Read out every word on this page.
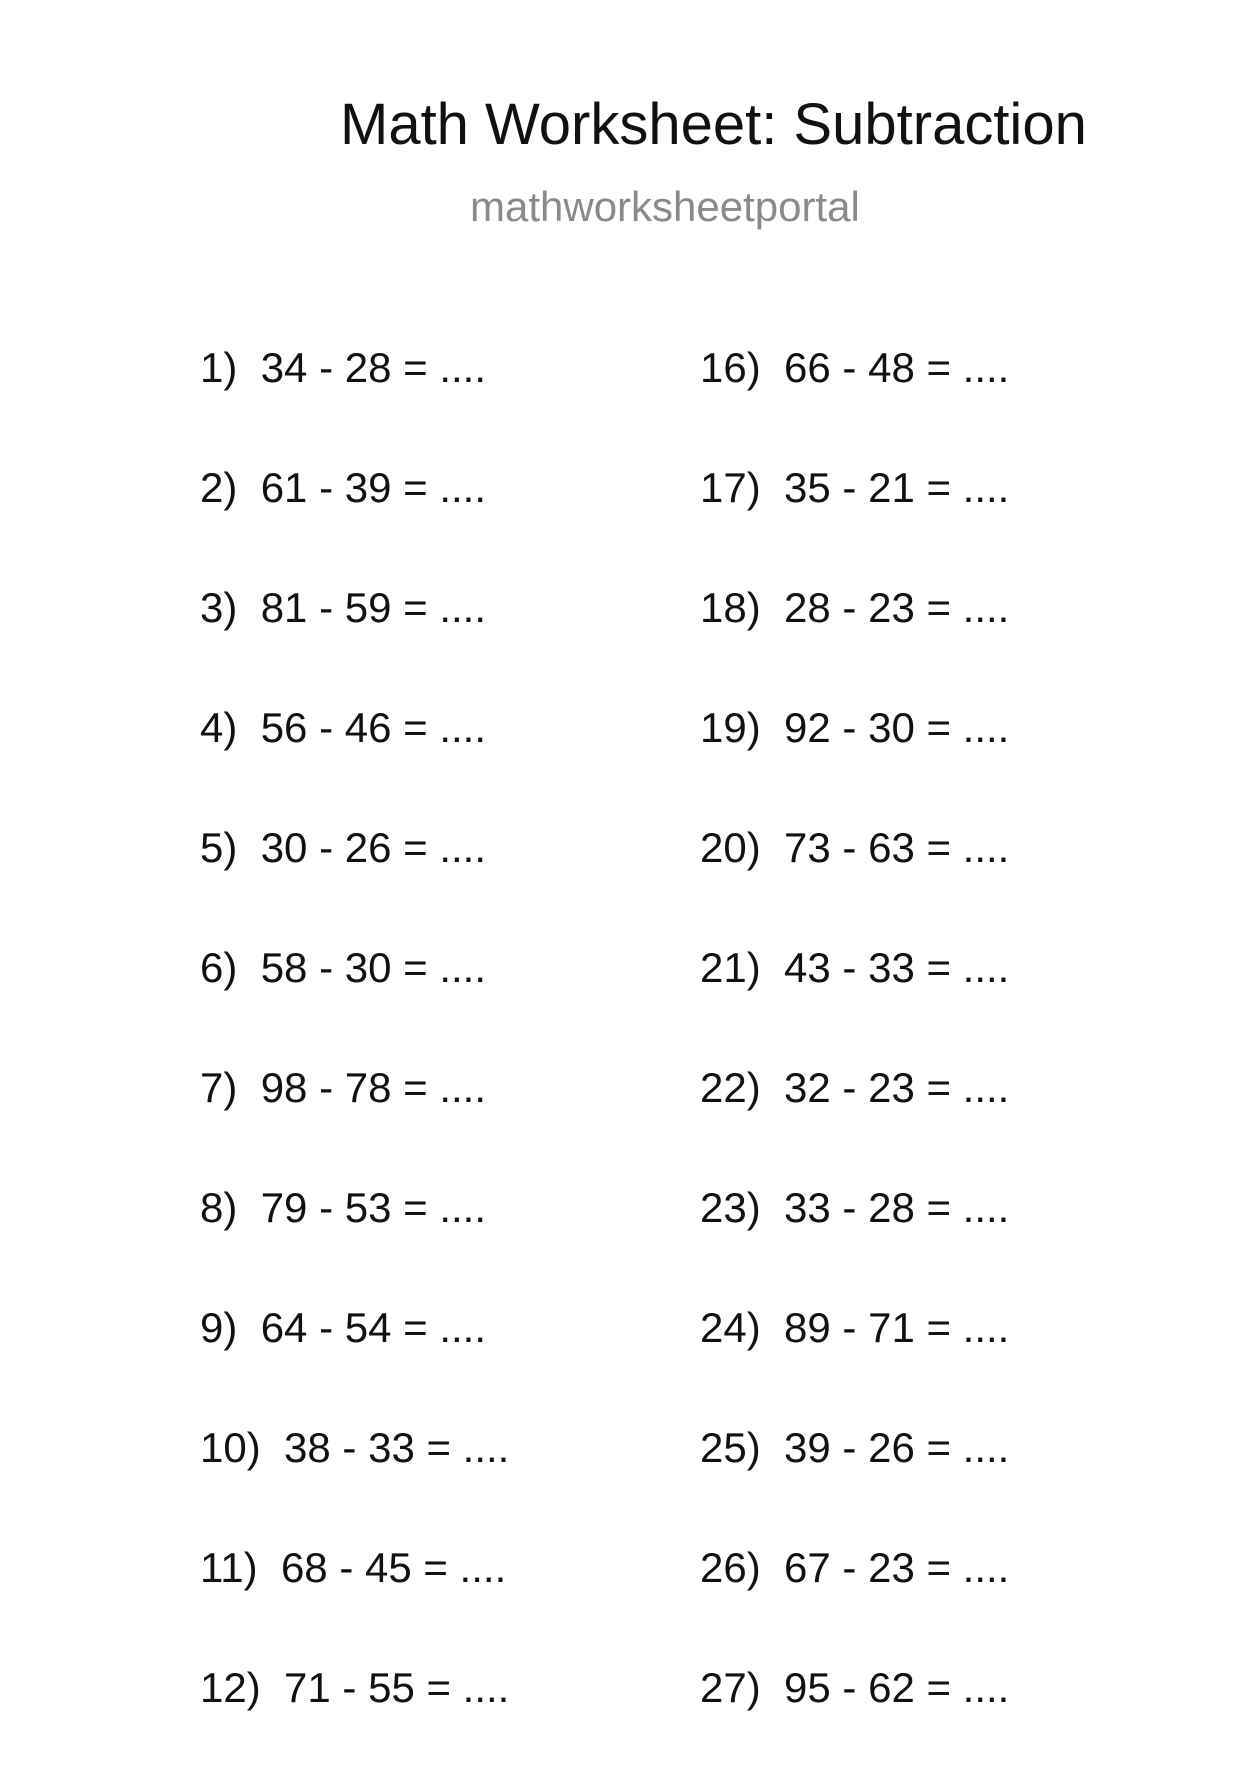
Math Worksheet: Subtraction
mathworksheetportal
1) 34 - 28 = ....
2) 61 - 39 = ....
3) 81 - 59 = ....
4) 56 - 46 = ....
5) 30 - 26 = ....
6) 58 - 30 = ....
7) 98 - 78 = ....
8) 79 - 53 = ....
9) 64 - 54 = ....
10) 38 - 33 = ....
11) 68 - 45 = ....
12) 71 - 55 = ....
16) 66 - 48 = ....
17) 35 - 21 = ....
18) 28 - 23 = ....
19) 92 - 30 = ....
20) 73 - 63 = ....
21) 43 - 33 = ....
22) 32 - 23 = ....
23) 33 - 28 = ....
24) 89 - 71 = ....
25) 39 - 26 = ....
26) 67 - 23 = ....
27) 95 - 62 = ....
